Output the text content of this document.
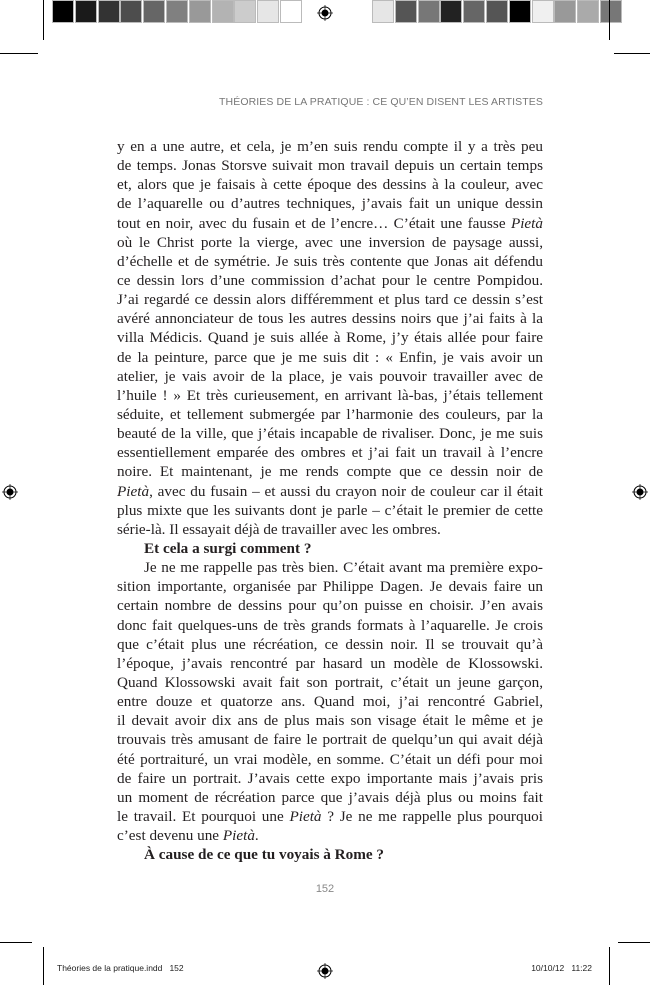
THÉORIES DE LA PRATIQUE : CE QU’EN DISENT LES ARTISTES
y en a une autre, et cela, je m’en suis rendu compte il y a très peu
de temps. Jonas Storsve suivait mon travail depuis un certain temps
et, alors que je faisais à cette époque des dessins à la couleur, avec
de l’aquarelle ou d’autres techniques, j’avais fait un unique dessin
tout en noir, avec du fusain et de l’encre… C’était une fausse Pietà
où le Christ porte la vierge, avec une inversion de paysage aussi,
d’échelle et de symétrie. Je suis très contente que Jonas ait défendu
ce dessin lors d’une commission d’achat pour le centre Pompidou.
J’ai regardé ce dessin alors différemment et plus tard ce dessin s’est
avéré annonciateur de tous les autres dessins noirs que j’ai faits à la
villa Médicis. Quand je suis allée à Rome, j’y étais allée pour faire
de la peinture, parce que je me suis dit : « Enfin, je vais avoir un
atelier, je vais avoir de la place, je vais pouvoir travailler avec de
l’huile ! » Et très curieusement, en arrivant là-bas, j’étais tellement
séduite, et tellement submergée par l’harmonie des couleurs, par la
beauté de la ville, que j’étais incapable de rivaliser. Donc, je me suis
essentiellement emparée des ombres et j’ai fait un travail à l’encre
noire. Et maintenant, je me rends compte que ce dessin noir de
Pietà, avec du fusain – et aussi du crayon noir de couleur car il était
plus mixte que les suivants dont je parle – c’était le premier de cette
série-là. Il essayait déjà de travailler avec les ombres.
Et cela a surgi comment ?
Je ne me rappelle pas très bien. C’était avant ma première expo-
sition importante, organisée par Philippe Dagen. Je devais faire un
certain nombre de dessins pour qu’on puisse en choisir. J’en avais
donc fait quelques-uns de très grands formats à l’aquarelle. Je crois
que c’était plus une récréation, ce dessin noir. Il se trouvait qu’à
l’époque, j’avais rencontré par hasard un modèle de Klossowski.
Quand Klossowski avait fait son portrait, c’était un jeune garçon,
entre douze et quatorze ans. Quand moi, j’ai rencontré Gabriel,
il devait avoir dix ans de plus mais son visage était le même et je
trouvais très amusant de faire le portrait de quelqu’un qui avait déjà
été portraituré, un vrai modèle, en somme. C’était un défi pour moi
de faire un portrait. J’avais cette expo importante mais j’avais pris
un moment de récréation parce que j’avais déjà plus ou moins fait
le travail. Et pourquoi une Pietà ? Je ne me rappelle plus pourquoi
c’est devenu une Pietà.
À cause de ce que tu voyais à Rome ?
152
Théories de la pratique.indd   152	10/10/12   11:22
